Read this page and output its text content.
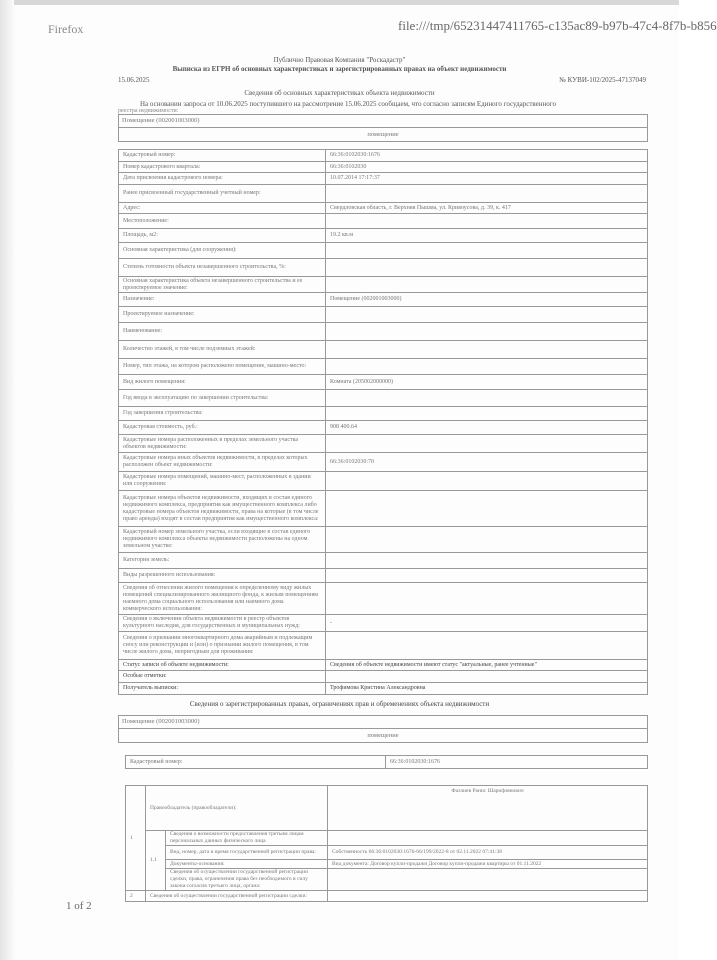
Firefox	file:///tmp/65231447411765-c135ac89-b97b-47c4-8f7b-b856
Публично Правовая Компания "Роскадастр"
Выписка из ЕГРН об основных характеристиках и зарегистрированных правах на объект недвижимости
15.06.2025	№ КУВИ-102/2025-47137049
Сведения об основных характеристиках объекта недвижимости
На основании запроса от 10.06.2025 поступившего на рассмотрение 15.06.2025 сообщаем, что согласно записям Единого государственного
реестра недвижимости:
Помещение (002001003000)
помещение
Кадастровый номер:	66:36:0102030:1676
Номер кадастрового квартала:	66:36:0102030
Дата присвоения кадастрового номера:	10.07.2014 17:17:37
Ранее присвоенный государственный учетный номер:	
Адрес:	Свердловская область, г. Верхняя Пышма, ул. Кривоусова, д. 39, к. 417
Местоположение:	
Площадь, м2:	19.2 кв.м
Основная характеристика (для сооружения):	
Степень готовности объекта незавершенного строительства, %:	
Основная характеристика объекта незавершенного строительства и ее проектируемое значение:	
Назначение:	Помещение (002001003000)
Проектируемое назначение:	
Наименование:	
Количество этажей, в том числе подземных этажей:	
Номер, тип этажа, на котором расположено помещение, машино-место:	
Вид жилого помещения:	Комната (205002000000)
Год ввода в эксплуатацию по завершении строительства:	
Год завершения строительства:	
Кадастровая стоимость, руб.:	908 400.64
Кадастровые номера расположенных в пределах земельного участка объектов недвижимости:	
Кадастровые номера иных объектов недвижимости, в пределах которых расположен объект недвижимости:	66:36:0102030:70
Кадастровые номера помещений, машино-мест, расположенных в здании или сооружении:	
Кадастровые номера объектов недвижимости, входящих в состав единого недвижимого комплекса, предприятия как имущественного комплекса либо кадастровые номера объектов недвижимости, права на которые (в том числе право аренды) входят в состав предприятия как имущественного комплекса:	
Кадастровый номер земельного участка, если входящие в состав единого недвижимого комплекса объекты недвижимости расположены на одном земельном участке:	
Категория земель:	
Виды разрешенного использования:	
Сведения об отнесении жилого помещения к определенному виду жилых помещений специализированного жилищного фонда, к жилым помещениям наемного дома социального использования или наемного дома коммерческого использования:	
Сведения о включении объекта недвижимости в реестр объектов культурного наследия, для государственных и муниципальных нужд:	-
Сведения о признании многоквартирного дома аварийным и подлежащим сносу или реконструкции и (или) о признании жилого помещения, в том числе жилого дома, непригодным для проживания:	
Статус записи об объекте недвижимости:	Сведения об объекте недвижимости имеют статус "актуальные, ранее учтенные"
Особые отметки:	
Получатель выписки:	Трофимова Кристина Александровна
Сведения о зарегистрированных правах, ограничениях прав и обременениях объекта недвижимости
Помещение (002001003000)
помещение
Кадастровый номер:	66:36:0102030:1676
1	Правообладатель (правообладатели):		Фазлиев Ранис Шарифзянович
	1.1	Сведения о возможности предоставления третьим лицам персональных данных физического лица	
		Вид, номер, дата и время государственной регистрации права:	Собственность 66:36:0102030:1676-66/199/2022-8 от 02.11.2022 07:41:38
		Документы-основания:	Вид документа: Договор купли-продажи Договор купли-продажи квартиры от 01.11.2022
		Сведения об осуществлении государственной регистрации сделки, права, ограничения права без необходимого в силу закона согласия третьего лица, органа:	
2	Сведения об осуществлении государственной регистрации сделки:		
1 of 2
